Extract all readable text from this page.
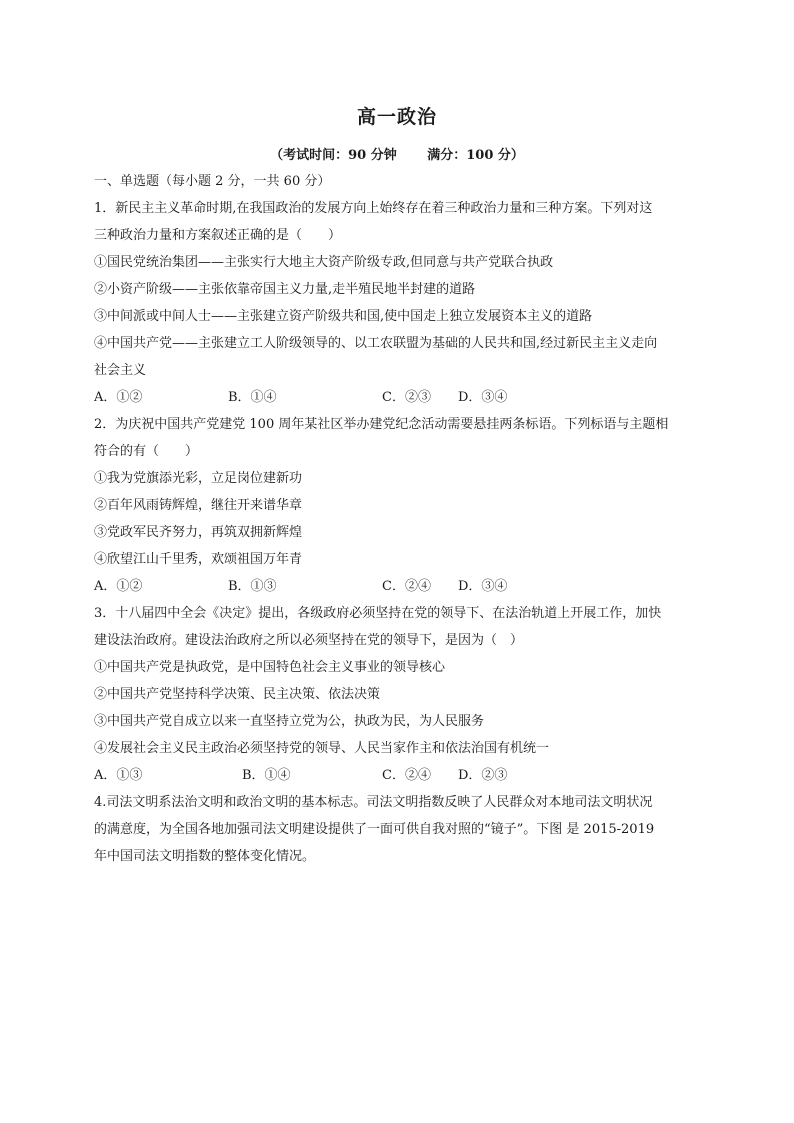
高一政治
（考试时间：90 分钟　　 满分：100 分）
一、单选题（每小题 2 分，一共 60 分）
1．新民主主义革命时期,在我国政治的发展方向上始终存在着三种政治力量和三种方案。下列对这
三种政治力量和方案叙述正确的是（　　）
①国民党统治集团——主张实行大地主大资产阶级专政,但同意与共产党联合执政
②小资产阶级——主张依靠帝国主义力量,走半殖民地半封建的道路
③中间派或中间人士——主张建立资产阶级共和国,使中国走上独立发展资本主义的道路
④中国共产党——主张建立工人阶级领导的、以工农联盟为基础的人民共和国,经过新民主主义走向
社会主义
A．①②	B．①④	C．②③	D．③④
2．为庆祝中国共产党建党 100 周年某社区举办建党纪念活动需要悬挂两条标语。下列标语与主题相
符合的有（　　）
①我为党旗添光彩，立足岗位建新功
②百年风雨铸辉煌，继往开来谱华章
③党政军民齐努力，再筑双拥新辉煌
④欣望江山千里秀，欢颂祖国万年青
A．①②	B．①③	C．②④	D．③④
3．十八届四中全会《决定》提出，各级政府必须坚持在党的领导下、在法治轨道上开展工作，加快
建设法治政府。建设法治政府之所以必须坚持在党的领导下，是因为（　）
①中国共产党是执政党，是中国特色社会主义事业的领导核心
②中国共产党坚持科学决策、民主决策、依法决策
③中国共产党自成立以来一直坚持立党为公，执政为民，为人民服务
④发展社会主义民主政治必须坚持党的领导、人民当家作主和依法治国有机统一
A．①③	B．①④	C．②④	D．②③
4.司法文明系法治文明和政治文明的基本标志。司法文明指数反映了人民群众对本地司法文明状况
的满意度，为全国各地加强司法文明建设提供了一面可供自我对照的“镜子”。下图 是 2015-2019
年中国司法文明指数的整体变化情况。
